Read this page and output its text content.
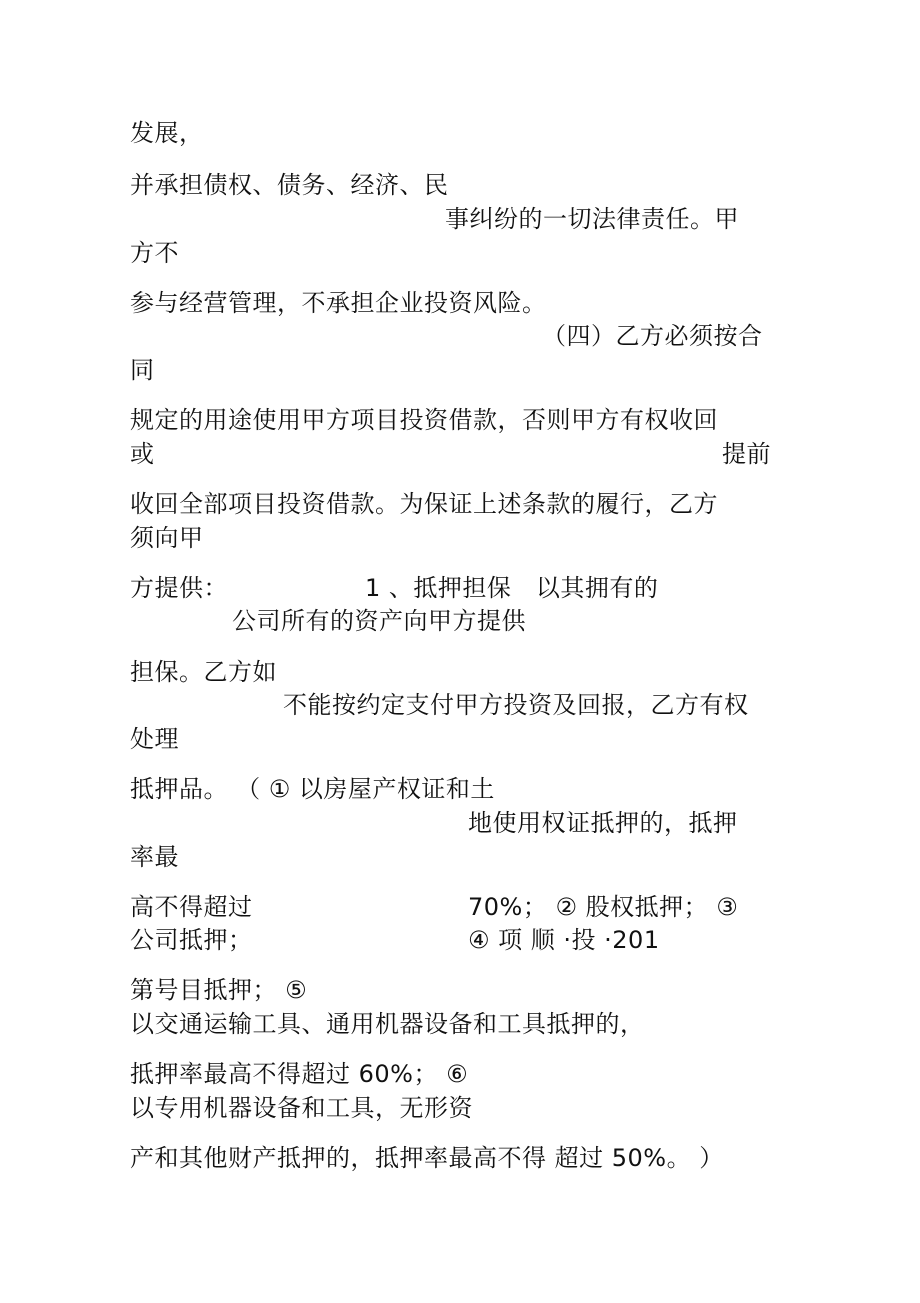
发展，
并承担债权、债务、经济、民
事纠纷的一切法律责任。甲
方不
参与经营管理，不承担企业投资风险。
（四）乙方必须按合
同
规定的用途使用甲方项目投资借款，否则甲方有权收回
或	提前
收回全部项目投资借款。为保证上述条款的履行，乙方
须向甲
方提供：	1 、抵押担保　以其拥有的
公司所有的资产向甲方提供
担保。乙方如
不能按约定支付甲方投资及回报，乙方有权
处理
抵押品。 （ ① 以房屋产权证和土
地使用权证抵押的，抵押
率最
高不得超过	70%； ② 股权抵押； ③
公司抵押；	④ 项 顺 ·投 ·201
第号目抵押； ⑤
以交通运输工具、通用机器设备和工具抵押的，
抵押率最高不得超过 60%； ⑥
以专用机器设备和工具，无形资
产和其他财产抵押的，抵押率最高不得 超过 50%。 ）
